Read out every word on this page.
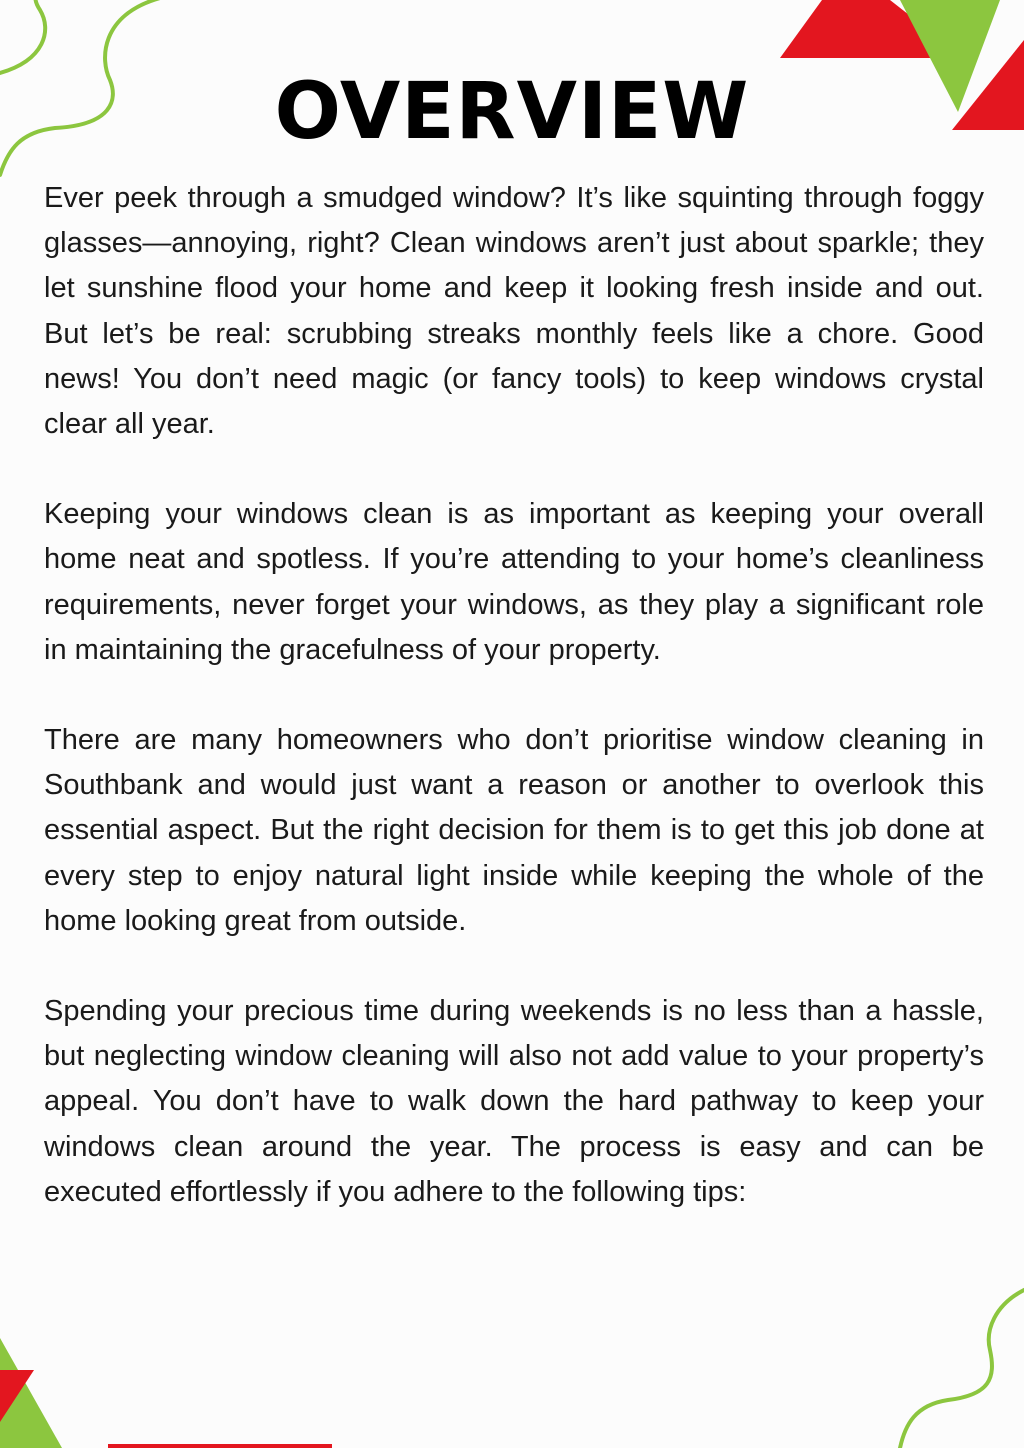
OVERVIEW

Ever peek through a smudged window? It’s like squinting through foggy glasses—annoying, right? Clean windows aren’t just about sparkle; they let sunshine flood your home and keep it looking fresh inside and out. But let’s be real: scrubbing streaks monthly feels like a chore. Good news! You don’t need magic (or fancy tools) to keep windows crystal clear all year.

Keeping your windows clean is as important as keeping your overall home neat and spotless. If you’re attending to your home’s cleanliness requirements, never forget your windows, as they play a significant role in maintaining the gracefulness of your property.

There are many homeowners who don’t prioritise window cleaning in Southbank and would just want a reason or another to overlook this essential aspect. But the right decision for them is to get this job done at every step to enjoy natural light inside while keeping the whole of the home looking great from outside.

Spending your precious time during weekends is no less than a hassle, but neglecting window cleaning will also not add value to your property’s appeal. You don’t have to walk down the hard pathway to keep your windows clean around the year. The process is easy and can be executed effortlessly if you adhere to the following tips:
